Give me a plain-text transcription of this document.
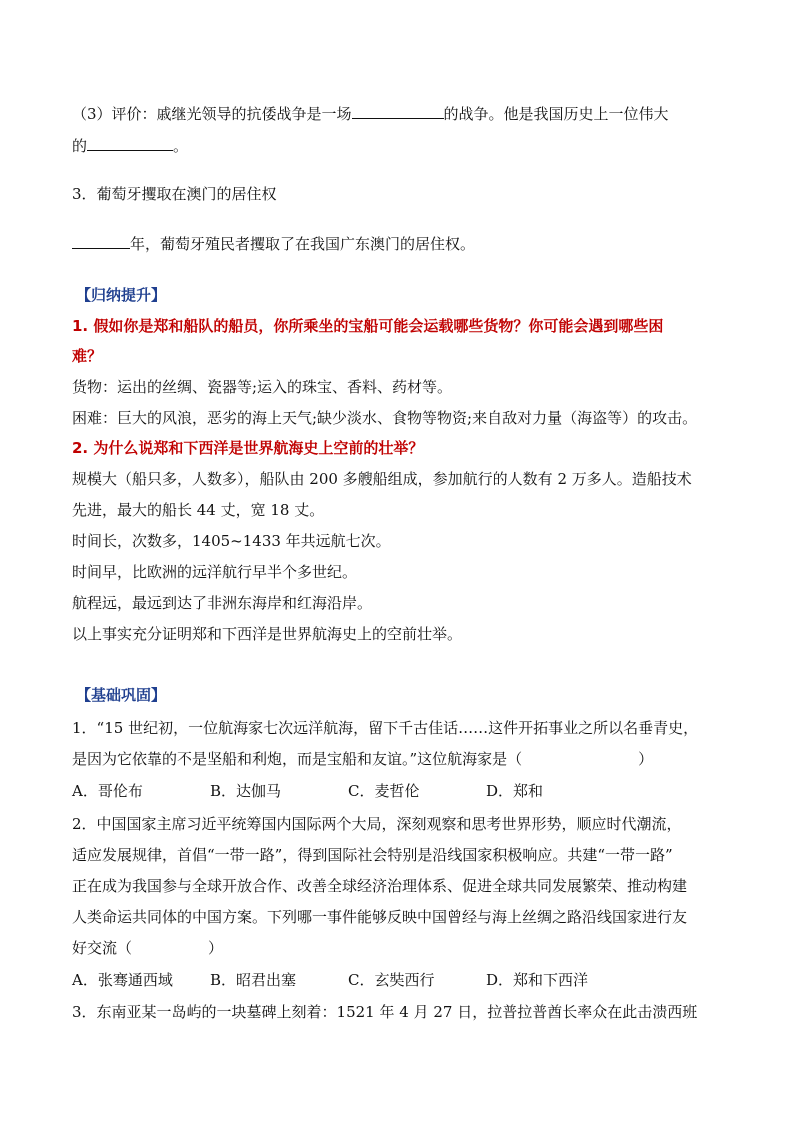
（3）评价：戚继光领导的抗倭战争是一场	的战争。他是我国历史上一位伟大
的	。
3．葡萄牙攫取在澳门的居住权
年，葡萄牙殖民者攫取了在我国广东澳门的居住权。
【归纳提升】
1. 假如你是郑和船队的船员，你所乘坐的宝船可能会运载哪些货物？你可能会遇到哪些困
难？
货物：运出的丝绸、瓷器等;运入的珠宝、香料、药材等。
困难：巨大的风浪，恶劣的海上天气;缺少淡水、食物等物资;来自敌对力量（海盗等）的攻击。
2. 为什么说郑和下西洋是世界航海史上空前的壮举？
规模大（船只多，人数多），船队由 200 多艘船组成，参加航行的人数有 2 万多人。造船技术
先进，最大的船长 44 丈，宽 18 丈。
时间长，次数多，1405~1433 年共远航七次。
时间早，比欧洲的远洋航行早半个多世纪。
航程远，最远到达了非洲东海岸和红海沿岸。
以上事实充分证明郑和下西洋是世界航海史上的空前壮举。
【基础巩固】
1．“15 世纪初，一位航海家七次远洋航海，留下千古佳话……这件开拓事业之所以名垂青史，
是因为它依靠的不是坚船和利炮，而是宝船和友谊。”这位航海家是（	）
A．哥伦布	B．达伽马	C．麦哲伦	D．郑和
2．中国国家主席习近平统筹国内国际两个大局，深刻观察和思考世界形势，顺应时代潮流，
适应发展规律，首倡“一带一路”，得到国际社会特别是沿线国家积极响应。共建“一带一路”
正在成为我国参与全球开放合作、改善全球经济治理体系、促进全球共同发展繁荣、推动构建
人类命运共同体的中国方案。下列哪一事件能够反映中国曾经与海上丝绸之路沿线国家进行友
好交流（	）
A．张骞通西域 B．昭君出塞	C．玄奘西行	D．郑和下西洋
3．东南亚某一岛屿的一块墓碑上刻着：1521 年 4 月 27 日，拉普拉普酋长率众在此击溃西班
